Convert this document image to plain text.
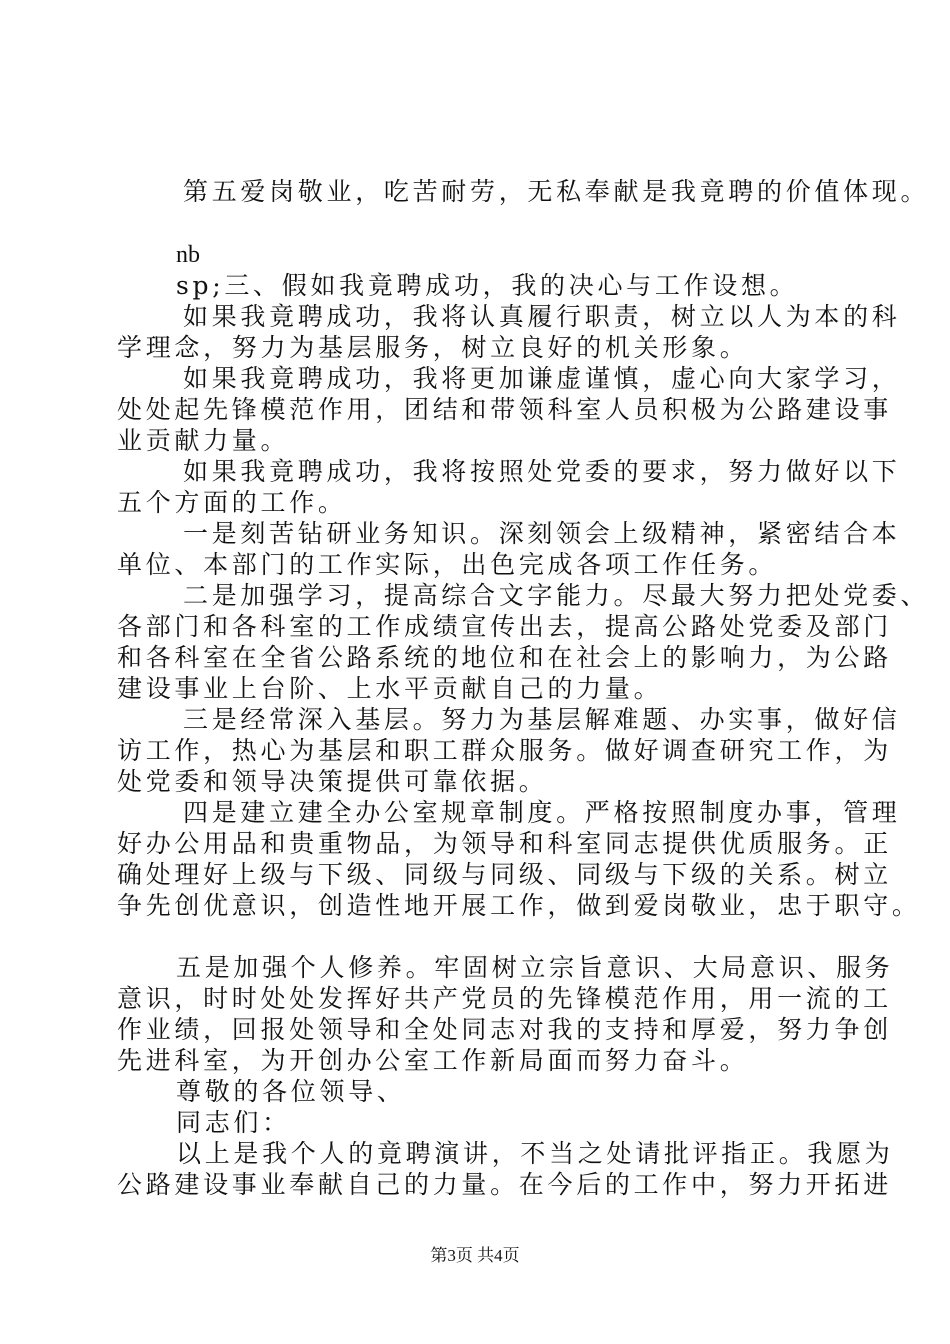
第五爱岗敬业，吃苦耐劳，无私奉献是我竟聘的价值体现。
nb
sp;三、假如我竟聘成功，我的决心与工作设想。
如果我竟聘成功，我将认真履行职责，树立以人为本的科
学理念，努力为基层服务，树立良好的机关形象。
如果我竟聘成功，我将更加谦虚谨慎，虚心向大家学习，
处处起先锋模范作用，团结和带领科室人员积极为公路建设事
业贡献力量。
如果我竟聘成功，我将按照处党委的要求，努力做好以下
五个方面的工作。
一是刻苦钻研业务知识。深刻领会上级精神，紧密结合本
单位、本部门的工作实际，出色完成各项工作任务。
二是加强学习，提高综合文字能力。尽最大努力把处党委、
各部门和各科室的工作成绩宣传出去，提高公路处党委及部门
和各科室在全省公路系统的地位和在社会上的影响力，为公路
建设事业上台阶、上水平贡献自己的力量。
三是经常深入基层。努力为基层解难题、办实事，做好信
访工作，热心为基层和职工群众服务。做好调查研究工作，为
处党委和领导决策提供可靠依据。
四是建立建全办公室规章制度。严格按照制度办事，管理
好办公用品和贵重物品，为领导和科室同志提供优质服务。正
确处理好上级与下级、同级与同级、同级与下级的关系。树立
争先创优意识，创造性地开展工作，做到爱岗敬业，忠于职守。
五是加强个人修养。牢固树立宗旨意识、大局意识、服务
意识，时时处处发挥好共产党员的先锋模范作用，用一流的工
作业绩，回报处领导和全处同志对我的支持和厚爱，努力争创
先进科室，为开创办公室工作新局面而努力奋斗。
尊敬的各位领导、
同志们：
以上是我个人的竟聘演讲，不当之处请批评指正。我愿为
公路建设事业奉献自己的力量。在今后的工作中，努力开拓进
第3页 共4页
